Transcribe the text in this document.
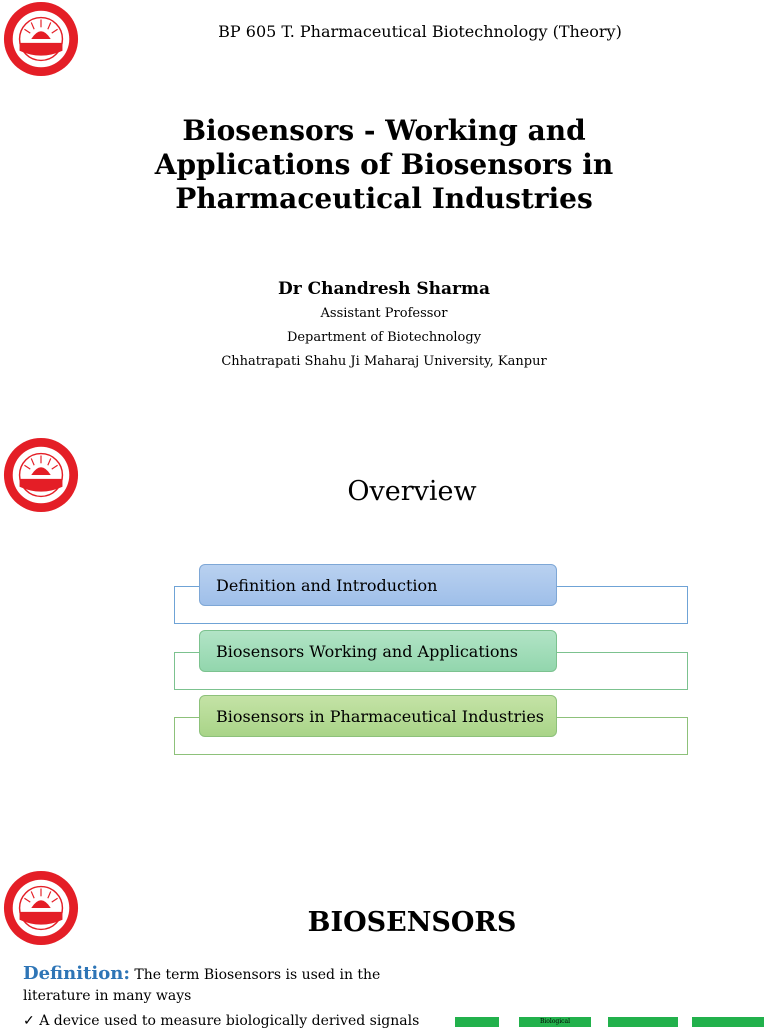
BP 605 T. Pharmaceutical Biotechnology (Theory)
Biosensors - Working and Applications of Biosensors in Pharmaceutical Industries
Dr Chandresh Sharma
Assistant Professor
Department of Biotechnology
Chhatrapati Shahu Ji Maharaj University, Kanpur
Overview
Definition and Introduction
Biosensors Working and Applications
Biosensors in Pharmaceutical Industries
BIOSENSORS
Definition: The term Biosensors is used in the literature in many ways
✓ A device used to measure biologically derived signals	Biological
